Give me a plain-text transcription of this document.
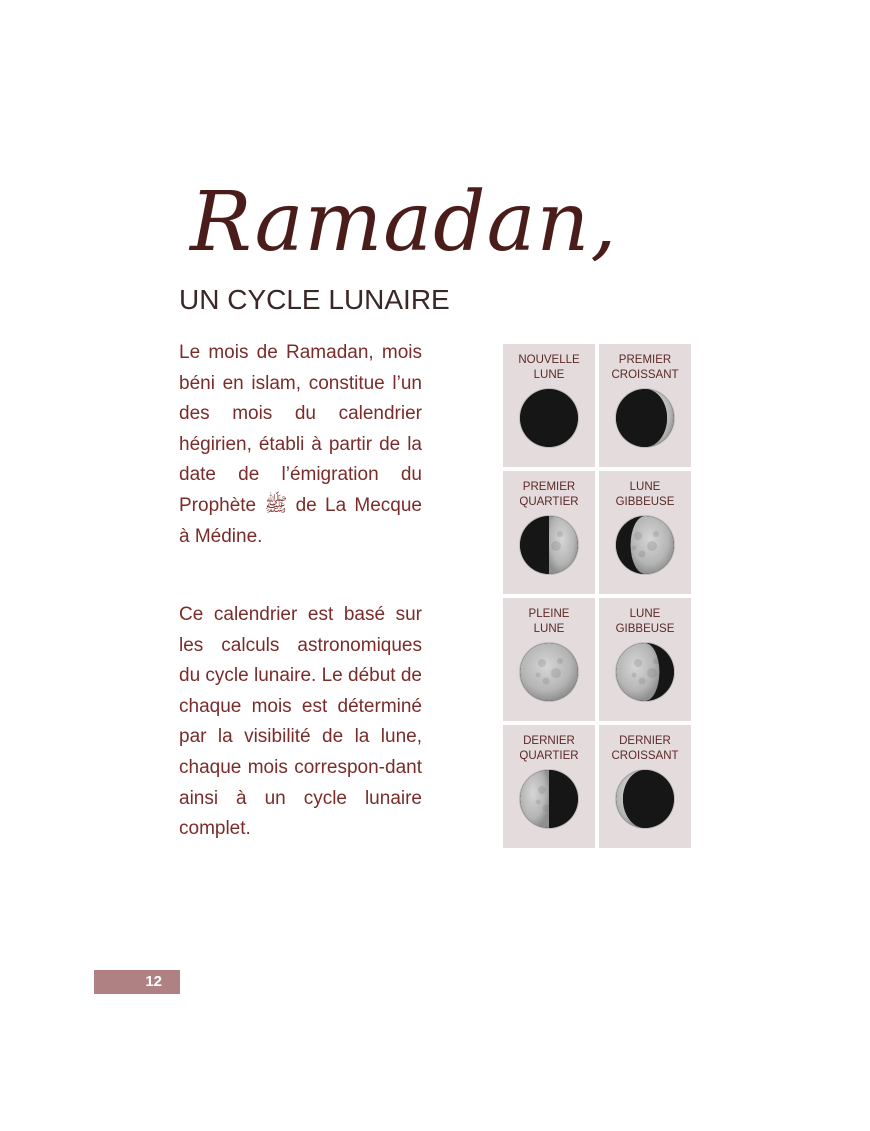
Ramadan,
UN CYCLE LUNAIRE

Le mois de Ramadan, mois béni en islam, constitue l’un des mois du calendrier hégirien, établi à partir de la date de l’émigration du Prophète ﷺ de La Mecque à Médine.

Ce calendrier est basé sur les calculs astronomiques du cycle lunaire. Le début de chaque mois est déterminé par la visibilité de la lune, chaque mois correspon-dant ainsi à un cycle lunaire complet.

NOUVELLE
LUNE
PREMIER
CROISSANT
PREMIER
QUARTIER
LUNE
GIBBEUSE
PLEINE
LUNE
LUNE
GIBBEUSE
DERNIER
QUARTIER
DERNIER
CROISSANT
12
